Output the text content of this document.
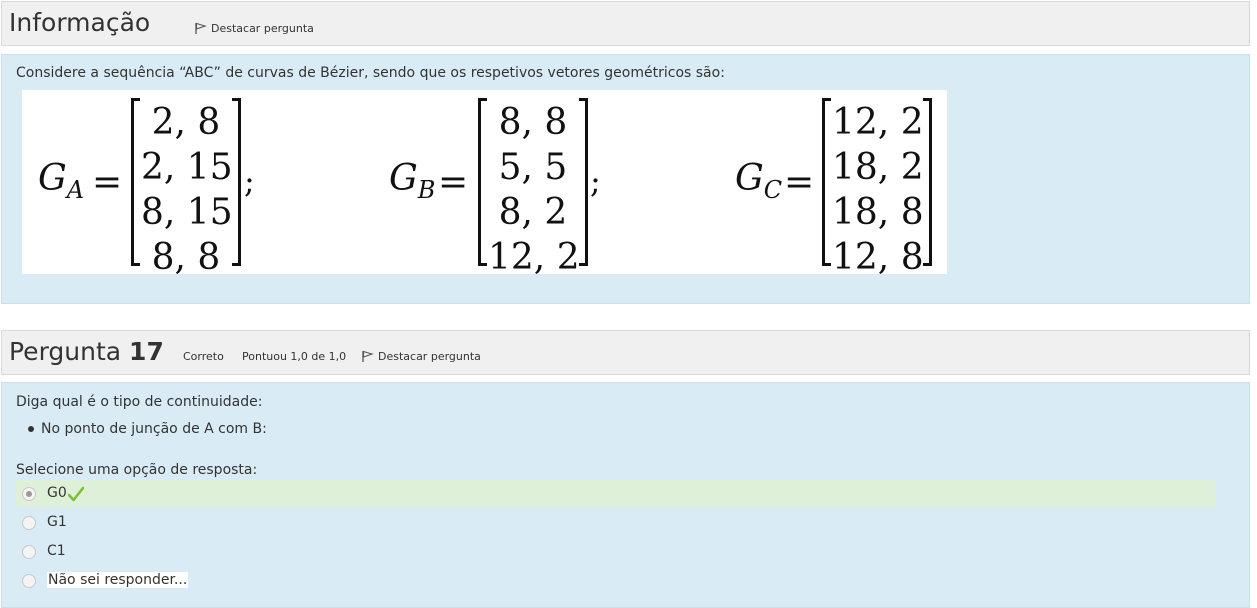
Informação	Destacar pergunta
Considere a sequência “ABC” de curvas de Bézier, sendo que os respetivos vetores geométricos são:
$G_A$ =
2, 8
2, 15
8, 15
8, 8
;	$G_B$ =
8, 8
5, 5
8, 2
12, 2
;	$G_C$ =
12, 2
18, 2
18, 8
12, 8
Pergunta 17 Correto Pontuou 1,0 de 1,0	Destacar pergunta
Diga qual é o tipo de continuidade:
No ponto de junção de A com B:
Selecione uma opção de resposta:
G0
G1
C1
Não sei responder...
